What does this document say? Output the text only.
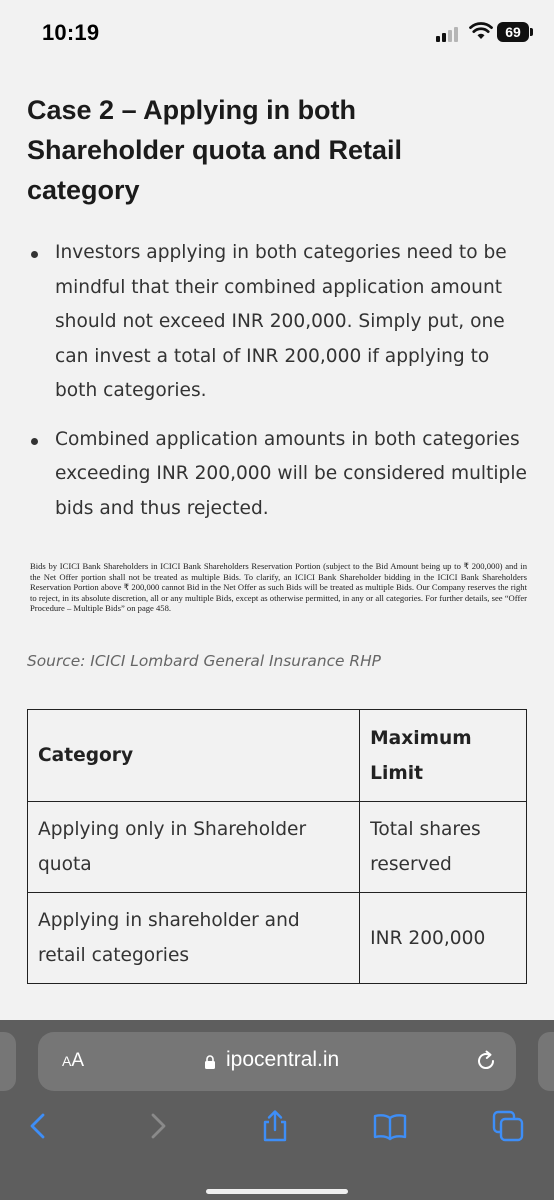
10:19	69
Case 2 – Applying in both Shareholder quota and Retail category
Investors applying in both categories need to be mindful that their combined application amount should not exceed INR 200,000. Simply put, one can invest a total of INR 200,000 if applying to both categories.
Combined application amounts in both categories exceeding INR 200,000 will be considered multiple bids and thus rejected.
Bids by ICICI Bank Shareholders in ICICI Bank Shareholders Reservation Portion (subject to the Bid Amount being up to ₹ 200,000) and in the Net Offer portion shall not be treated as multiple Bids. To clarify, an ICICI Bank Shareholder bidding in the ICICI Bank Shareholders Reservation Portion above ₹ 200,000 cannot Bid in the Net Offer as such Bids will be treated as multiple Bids. Our Company reserves the right to reject, in its absolute discretion, all or any multiple Bids, except as otherwise permitted, in any or all categories. For further details, see “Offer Procedure – Multiple Bids” on page 458.
Source: ICICI Lombard General Insurance RHP
Category	Maximum Limit
Applying only in Shareholder quota	Total shares reserved
Applying in shareholder and retail categories	INR 200,000
AA	ipocentral.in
